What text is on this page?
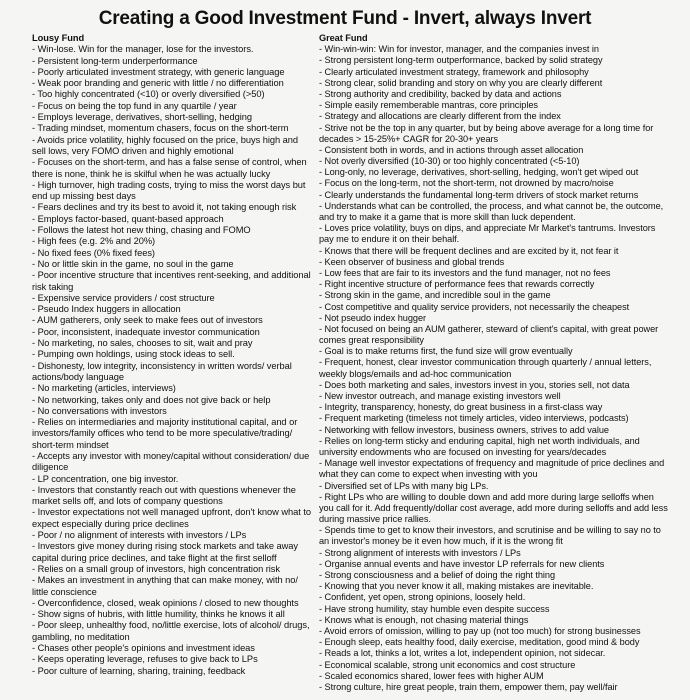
Creating a Good Investment Fund - Invert, always Invert
Lousy Fund
- Win-lose. Win for the manager, lose for the investors.
- Persistent long-term underperformance
- Poorly articulated investment strategy, with generic language
- Weak poor branding and generic with little / no differentiation
- Too highly concentrated (<10) or overly diversified (>50)
- Focus on being the top fund in any quartile / year
- Employs leverage, derivatives, short-selling, hedging
- Trading mindset, momentum chasers, focus on the short-term
- Avoids price volatility, highly focused on the price, buys high and sell lows, very FOMO driven and highly emotional
- Focuses on the short-term, and has a false sense of control, when there is none, think he is skilful when he was actually lucky
- High turnover, high trading costs, trying to miss the worst days but end up missing best days
- Fears declines and try its best to avoid it, not taking enough risk
- Employs factor-based, quant-based approach
- Follows the latest hot new thing, chasing and FOMO
- High fees (e.g. 2% and 20%)
- No fixed fees (0% fixed fees)
- No or little skin in the game, no soul in the game
- Poor incentive structure that incentives rent-seeking, and additional risk taking
- Expensive service providers / cost structure
- Pseudo Index huggers in allocation
- AUM gatherers, only seek to make fees out of investors
- Poor, inconsistent, inadequate investor communication
- No marketing, no sales, chooses to sit, wait and pray
- Pumping own holdings, using stock ideas to sell.
- Dishonesty, low integrity, inconsistency in written words/ verbal actions/body language
- No marketing (articles, interviews)
- No networking, takes only and does not give back or help
- No conversations with investors
- Relies on intermediaries and majority institutional capital, and or investors/family offices who tend to be more speculative/trading/ short-term mindset
- Accepts any investor with money/capital without consideration/ due diligence
- LP concentration, one big investor.
- Investors that constantly reach out with questions whenever the market sells off, and lots of company questions
- Investor expectations not well managed upfront, don't know what to expect especially during price declines
- Poor / no alignment of interests with investors / LPs
- Investors give money during rising stock markets and take away capital during price declines, and take flight at the first selloff
- Relies on a small group of investors, high concentration risk
- Makes an investment in anything that can make money, with no/ little conscience
- Overconfidence, closed, weak opinions / closed to new thoughts
- Show signs of hubris, with little humility, thinks he knows it all
- Poor sleep, unhealthy food, no/little exercise, lots of alcohol/ drugs, gambling, no meditation
- Chases other people's opinions and investment ideas
- Keeps operating leverage, refuses to give back to LPs
- Poor culture of learning, sharing, training, feedback
Great Fund
- Win-win-win: Win for investor, manager, and the companies invest in
- Strong persistent long-term outperformance, backed by solid strategy
- Clearly articulated investment strategy, framework and philosophy
- Strong clear, solid branding and story on why you are clearly different
- Strong authority and credibility, backed by data and actions
- Simple easily rememberable mantras, core principles
- Strategy and allocations are clearly different from the index
- Strive not be the top in any quarter, but by being above average for a long time for decades > 15-25%+ CAGR for 20-30+ years
- Consistent both in words, and in actions through asset allocation
- Not overly diversified (10-30) or too highly concentrated (<5-10)
- Long-only, no leverage, derivatives, short-selling, hedging, won't get wiped out
- Focus on the long-term, not the short-term, not drowned by macro/noise
- Clearly understands the fundamental long-term drivers of stock market returns
- Understands what can be controlled, the process, and what cannot be, the outcome, and try to make it a game that is more skill than luck dependent.
- Loves price volatility, buys on dips, and appreciate Mr Market's tantrums. Investors pay me to endure it on their behalf.
- Knows that there will be frequent declines and are excited by it, not fear it
- Keen observer of business and global trends
- Low fees that are fair to its investors and the fund manager, not no fees
- Right incentive structure of performance fees that rewards correctly
- Strong skin in the game, and incredible soul in the game
- Cost competitive and quality service providers, not necessarily the cheapest
- Not pseudo index hugger
- Not focused on being an AUM gatherer, steward of client's capital, with great power comes great responsibility
- Goal is to make returns first, the fund size will grow eventually
- Frequent, honest, clear investor communication through quarterly / annual letters, weekly blogs/emails and ad-hoc communication
- Does both marketing and sales, investors invest in you, stories sell, not data
- New investor outreach, and manage existing investors well
- Integrity, transparency, honesty, do great business in a first-class way
- Frequent marketing (timeless not timely articles, video interviews, podcasts)
- Networking with fellow investors, business owners, strives to add value
- Relies on long-term sticky and enduring capital, high net worth individuals, and university endowments who are focused on investing for years/decades
- Manage well investor expectations of frequency and magnitude of price declines and what they can come to expect when investing with you
- Diversified set of LPs with many big LPs.
- Right LPs who are willing to double down and add more during large selloffs when you call for it. Add frequently/dollar cost average, add more during selloffs and add less during massive price rallies.
- Spends time to get to know their investors, and scrutinise and be willing to say no to an investor's money be it even how much, if it is the wrong fit
- Strong alignment of interests with investors / LPs
- Organise annual events and have investor LP referrals for new clients
- Strong consciousness and a belief of doing the right thing
- Knowing that you never know it all, making mistakes are inevitable.
- Confident, yet open, strong opinions, loosely held.
- Have strong humility, stay humble even despite success
- Knows what is enough, not chasing material things
- Avoid errors of omission, willing to pay up (not too much) for strong businesses
- Enough sleep, eats healthy food, daily exercise, meditation, good mind & body
- Reads a lot, thinks a lot, writes a lot, independent opinion, not sidecar.
- Economical scalable, strong unit economics and cost structure
- Scaled economics shared, lower fees with higher AUM
- Strong culture, hire great people, train them, empower them, pay well/fair
